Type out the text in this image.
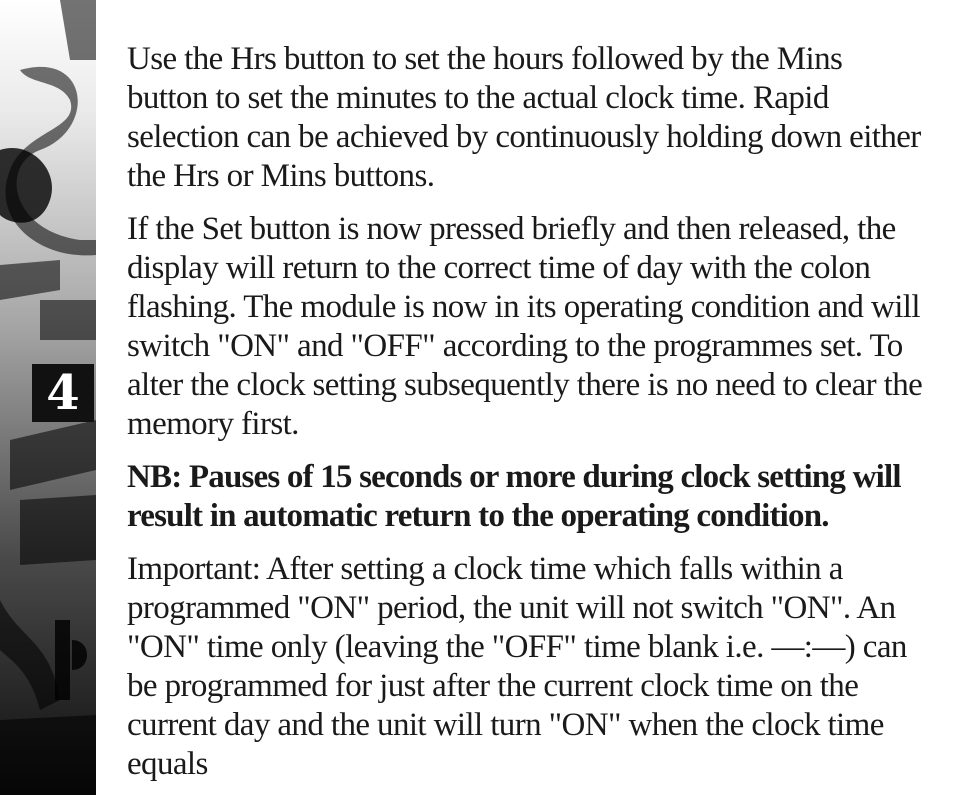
4

Use the Hrs button to set the hours followed by the Mins button to set the minutes to the actual clock time. Rapid selection can be achieved by continuously holding down either the Hrs or Mins buttons.

If the Set button is now pressed briefly and then released, the display will return to the correct time of day with the colon flashing. The module is now in its operating condition and will switch "ON" and "OFF" according to the programmes set. To alter the clock setting subsequently there is no need to clear the memory first.

NB: Pauses of 15 seconds or more during clock setting will result in automatic return to the operating condition.

Important: After setting a clock time which falls within a programmed "ON" period, the unit will not switch "ON". An "ON" time only (leaving the "OFF" time blank i.e. —:—) can be programmed for just after the current clock time on the current day and the unit will turn "ON" when the clock time equals
